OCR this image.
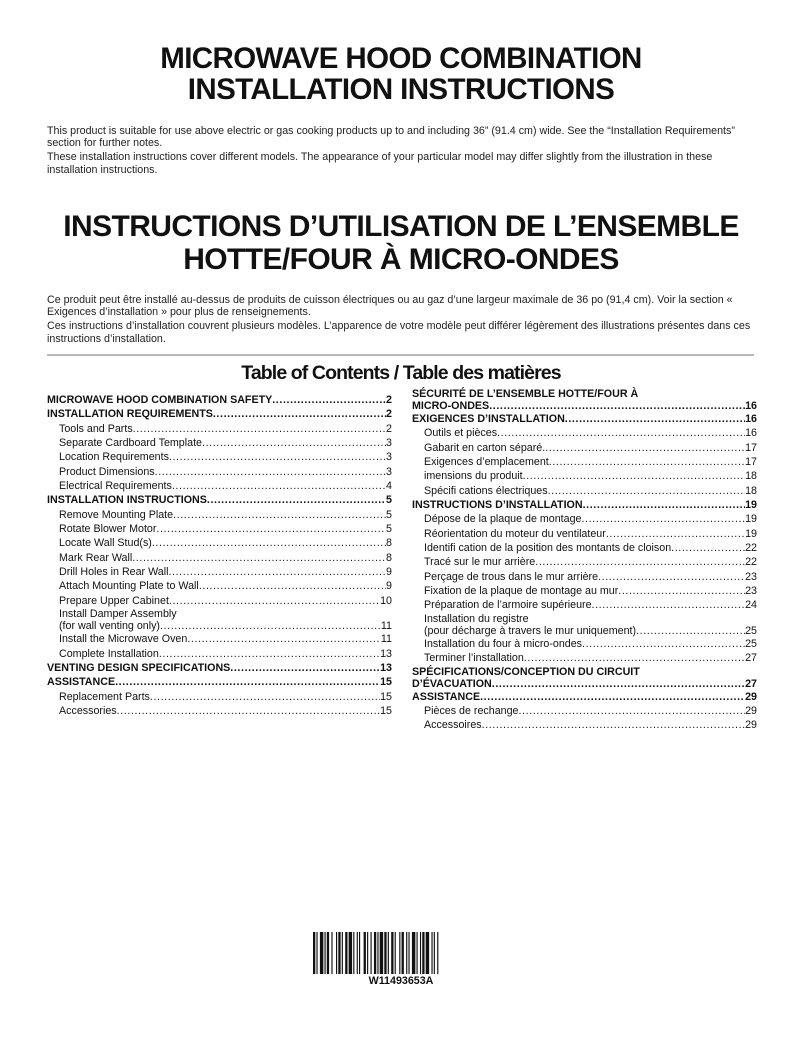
MICROWAVE HOOD COMBINATION
INSTALLATION INSTRUCTIONS

This product is suitable for use above electric or gas cooking products up to and including 36” (91.4 cm) wide. See the “Installation Requirements” section for further notes.

These installation instructions cover different models. The appearance of your particular model may differ slightly from the illustration in these installation instructions.

INSTRUCTIONS D’UTILISATION DE L’ENSEMBLE
HOTTE/FOUR À MICRO-ONDES

Ce produit peut être installé au-dessus de produits de cuisson électriques ou au gaz d’une largeur maximale de 36 po (91,4 cm). Voir la section « Exigences d’installation » pour plus de renseignements.

Ces instructions d’installation couvrent plusieurs modèles. L’apparence de votre modèle peut différer légèrement des illustrations présentes dans ces instructions d’installation.

Table of Contents / Table des matières
MICROWAVE HOOD COMBINATION SAFETY .....	2
INSTALLATION REQUIREMENTS .....	2
Tools and Parts .....	2
Separate Cardboard Template .....	3
Location Requirements .....	3
Product Dimensions .....	3
Electrical Requirements .....	4
INSTALLATION INSTRUCTIONS .....	5
Remove Mounting Plate .....	5
Rotate Blower Motor .....	5
Locate Wall Stud(s) .....	8
Mark Rear Wall .....	8
Drill Holes in Rear Wall .....	9
Attach Mounting Plate to Wall .....	9
Prepare Upper Cabinet .....	10
Install Damper Assembly
(for wall venting only) .....	11
Install the Microwave Oven .....	11
Complete Installation .....	13
VENTING DESIGN SPECIFICATIONS .....	13
ASSISTANCE .....	15
Replacement Parts .....	15
Accessories .....	15
SÉCURITÉ DE L’ENSEMBLE HOTTE/FOUR À
MICRO-ONDES .....	16
EXIGENCES D’INSTALLATION .....	16
Outils et pièces .....	16
Gabarit en carton séparé. .....	17
Exigences d’emplacement .....	17
imensions du produit .....	18
Spécifi cations électriques .....	18
INSTRUCTIONS D’INSTALLATION .....	19
Dépose de la plaque de montage .....	19
Réorientation du moteur du ventilateur .....	19
Identifi cation de la position des montants de cloison .....	22
Tracé sur le mur arrière .....	22
Perçage de trous dans le mur arrière .....	23
Fixation de la plaque de montage au mur .....	23
Préparation de l’armoire supérieure .....	24
Installation du registre
(pour décharge à travers le mur uniquement) .....	25
Installation du four à micro-ondes .....	25
Terminer l’installation .....	27
SPÉCIFICATIONS/CONCEPTION DU CIRCUIT
D’ÉVACUATION .....	27
ASSISTANCE .....	29
Pièces de rechange .....	29
Accessoires .....	29
W11493653A
